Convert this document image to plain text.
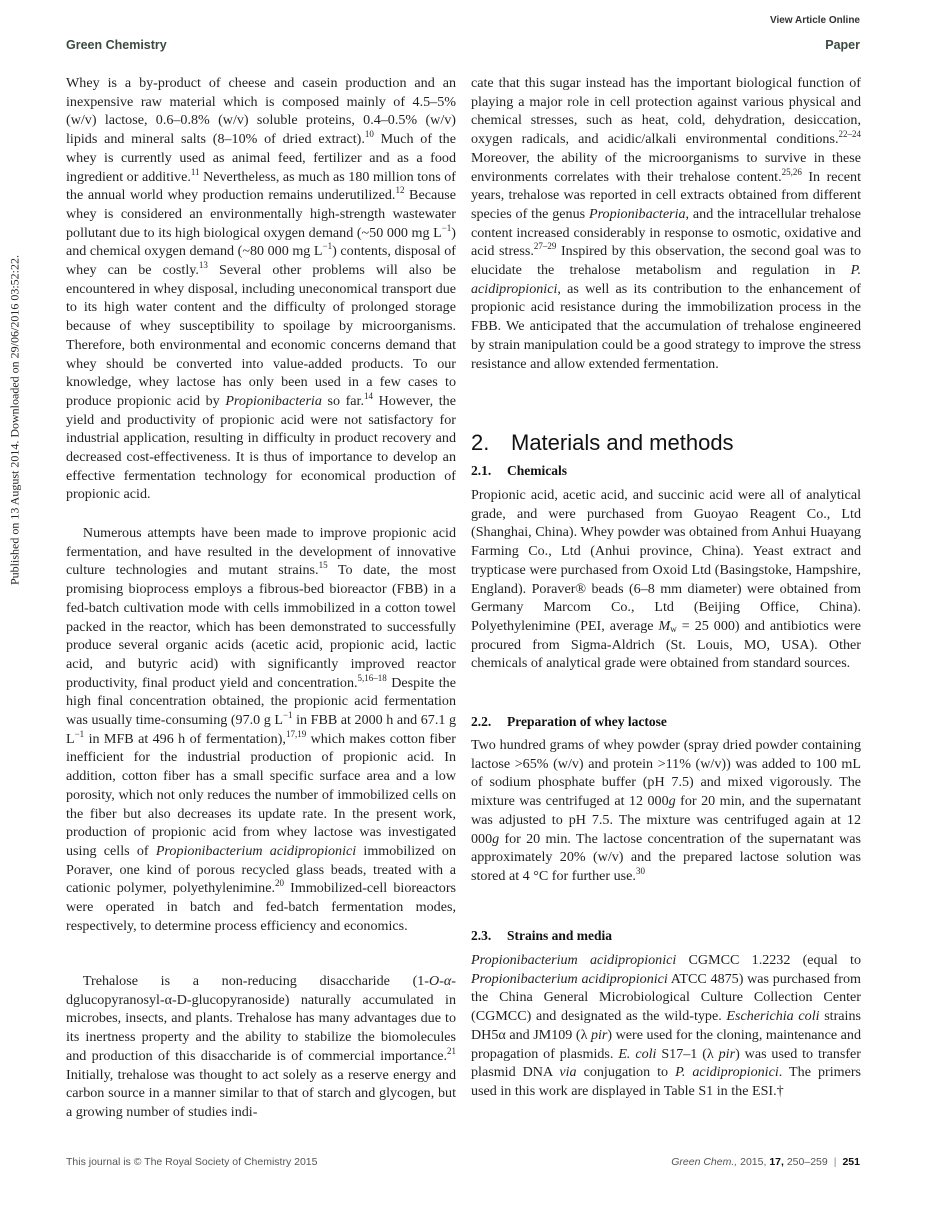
View Article Online
Green Chemistry	Paper
Published on 13 August 2014. Downloaded on 29/06/2016 03:52:22.
Whey is a by-product of cheese and casein production and an inexpensive raw material which is composed mainly of 4.5–5% (w/v) lactose, 0.6–0.8% (w/v) soluble proteins, 0.4–0.5% (w/v) lipids and mineral salts (8–10% of dried extract).$^{10}$ Much of the whey is currently used as animal feed, fertilizer and as a food ingredient or additive.$^{11}$ Nevertheless, as much as 180 million tons of the annual world whey production remains underutilized.$^{12}$ Because whey is considered an environmentally high-strength wastewater pollutant due to its high biological oxygen demand (~50 000 mg $L^{-1}$) and chemical oxygen demand (~80 000 mg $L^{-1}$) contents, disposal of whey can be costly.$^{13}$ Several other problems will also be encountered in whey disposal, including uneconomical transport due to its high water content and the difficulty of prolonged storage because of whey susceptibility to spoilage by microorganisms. Therefore, both environmental and economic concerns demand that whey should be converted into value-added products. To our knowledge, whey lactose has only been used in a few cases to produce propionic acid by Propionibacteria so far.$^{14}$ However, the yield and productivity of propionic acid were not satisfactory for industrial application, resulting in difficulty in product recovery and decreased cost-effectiveness. It is thus of importance to develop an effective fermentation technology for economical production of propionic acid.
Numerous attempts have been made to improve propionic acid fermentation, and have resulted in the development of innovative culture technologies and mutant strains.$^{15}$ To date, the most promising bioprocess employs a fibrous-bed bioreactor (FBB) in a fed-batch cultivation mode with cells immobilized in a cotton towel packed in the reactor, which has been demonstrated to successfully produce several organic acids (acetic acid, propionic acid, lactic acid, and butyric acid) with significantly improved reactor productivity, final product yield and concentration.$^{5,16-18}$ Despite the high final concentration obtained, the propionic acid fermentation was usually time-consuming (97.0 g $L^{-1}$ in FBB at 2000 h and 67.1 g $L^{-1}$ in MFB at 496 h of fermentation),$^{17,19}$ which makes cotton fiber inefficient for the industrial production of propionic acid. In addition, cotton fiber has a small specific surface area and a low porosity, which not only reduces the number of immobilized cells on the fiber but also decreases its update rate. In the present work, production of propionic acid from whey lactose was investigated using cells of Propionibacterium acidipropionici immobilized on Poraver, one kind of porous recycled glass beads, treated with a cationic polymer, polyethylenimine.$^{20}$ Immobilized-cell bioreactors were operated in batch and fed-batch fermentation modes, respectively, to determine process efficiency and economics.
Trehalose is a non-reducing disaccharide (1-O-α-dglucopyranosyl-α-D-glucopyranoside) naturally accumulated in microbes, insects, and plants. Trehalose has many advantages due to its inertness property and the ability to stabilize the biomolecules and production of this disaccharide is of commercial importance.$^{21}$ Initially, trehalose was thought to act solely as a reserve energy and carbon source in a manner similar to that of starch and glycogen, but a growing number of studies indi-
cate that this sugar instead has the important biological function of playing a major role in cell protection against various physical and chemical stresses, such as heat, cold, dehydration, desiccation, oxygen radicals, and acidic/alkali environmental conditions.$^{22-24}$ Moreover, the ability of the microorganisms to survive in these environments correlates with their trehalose content.$^{25,26}$ In recent years, trehalose was reported in cell extracts obtained from different species of the genus Propionibacteria, and the intracellular trehalose content increased considerably in response to osmotic, oxidative and acid stress.$^{27-29}$ Inspired by this observation, the second goal was to elucidate the trehalose metabolism and regulation in P. acidipropionici, as well as its contribution to the enhancement of propionic acid resistance during the immobilization process in the FBB. We anticipated that the accumulation of trehalose engineered by strain manipulation could be a good strategy to improve the stress resistance and allow extended fermentation.
2. Materials and methods
2.1. Chemicals
Propionic acid, acetic acid, and succinic acid were all of analytical grade, and were purchased from Guoyao Reagent Co., Ltd (Shanghai, China). Whey powder was obtained from Anhui Huayang Farming Co., Ltd (Anhui province, China). Yeast extract and trypticase were purchased from Oxoid Ltd (Basingstoke, Hampshire, England). Poraver® beads (6–8 mm diameter) were obtained from Germany Marcom Co., Ltd (Beijing Office, China). Polyethylenimine (PEI, average $M_w = 25$ 000) and antibiotics were procured from Sigma-Aldrich (St. Louis, MO, USA). Other chemicals of analytical grade were obtained from standard sources.
2.2. Preparation of whey lactose
Two hundred grams of whey powder (spray dried powder containing lactose >65% (w/v) and protein >11% (w/v)) was added to 100 mL of sodium phosphate buffer (pH 7.5) and mixed vigorously. The mixture was centrifuged at 12 000g for 20 min, and the supernatant was adjusted to pH 7.5. The mixture was centrifuged again at 12 000g for 20 min. The lactose concentration of the supernatant was approximately 20% (w/v) and the prepared lactose solution was stored at 4 °C for further use.$^{30}$
2.3. Strains and media
Propionibacterium acidipropionici CGMCC 1.2232 (equal to Propionibacterium acidipropionici ATCC 4875) was purchased from the China General Microbiological Culture Collection Center (CGMCC) and designated as the wild-type. Escherichia coli strains DH5α and JM109 (λ pir) were used for the cloning, maintenance and propagation of plasmids. E. coli S17–1 (λ pir) was used to transfer plasmid DNA via conjugation to P. acidipropionici. The primers used in this work are displayed in Table S1 in the ESI.†
This journal is © The Royal Society of Chemistry 2015	Green Chem., 2015, 17, 250–259 | 251
